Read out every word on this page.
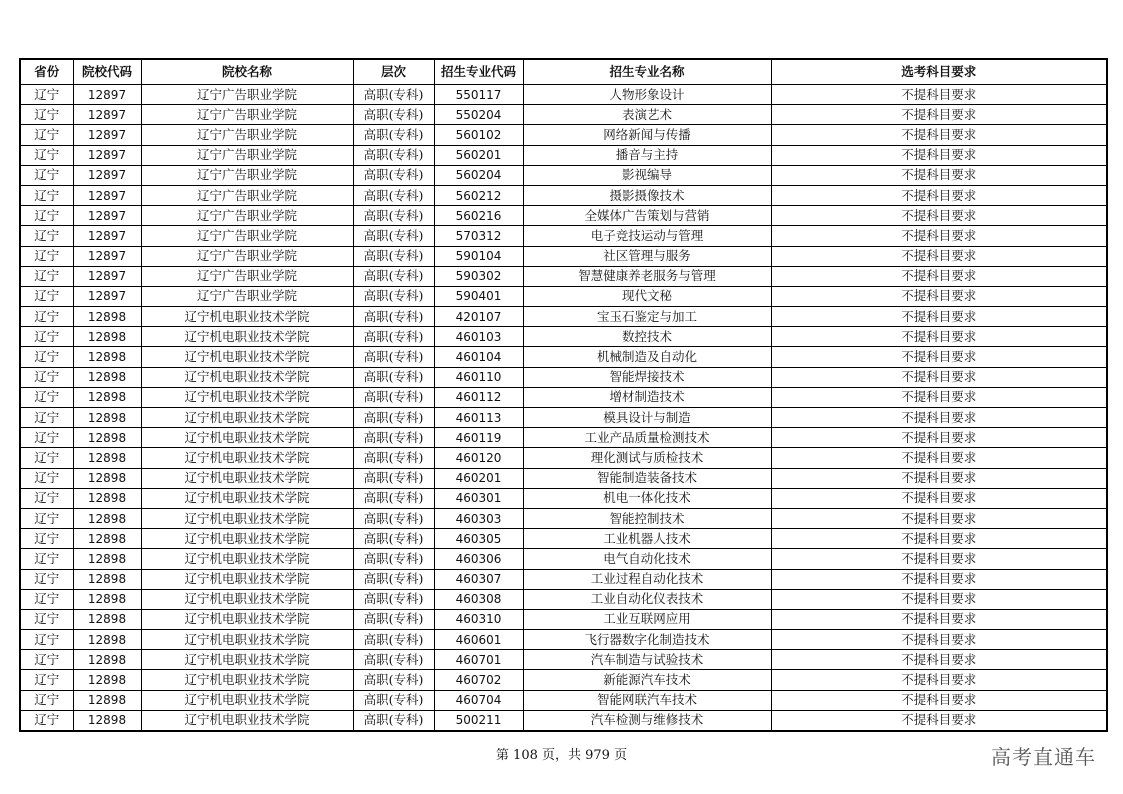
省份	院校代码	院校名称	层次	招生专业代码	招生专业名称	选考科目要求
辽宁	12897	辽宁广告职业学院	高职(专科)	550117	人物形象设计	不提科目要求
辽宁	12897	辽宁广告职业学院	高职(专科)	550204	表演艺术	不提科目要求
辽宁	12897	辽宁广告职业学院	高职(专科)	560102	网络新闻与传播	不提科目要求
辽宁	12897	辽宁广告职业学院	高职(专科)	560201	播音与主持	不提科目要求
辽宁	12897	辽宁广告职业学院	高职(专科)	560204	影视编导	不提科目要求
辽宁	12897	辽宁广告职业学院	高职(专科)	560212	摄影摄像技术	不提科目要求
辽宁	12897	辽宁广告职业学院	高职(专科)	560216	全媒体广告策划与营销	不提科目要求
辽宁	12897	辽宁广告职业学院	高职(专科)	570312	电子竞技运动与管理	不提科目要求
辽宁	12897	辽宁广告职业学院	高职(专科)	590104	社区管理与服务	不提科目要求
辽宁	12897	辽宁广告职业学院	高职(专科)	590302	智慧健康养老服务与管理	不提科目要求
辽宁	12897	辽宁广告职业学院	高职(专科)	590401	现代文秘	不提科目要求
辽宁	12898	辽宁机电职业技术学院	高职(专科)	420107	宝玉石鉴定与加工	不提科目要求
辽宁	12898	辽宁机电职业技术学院	高职(专科)	460103	数控技术	不提科目要求
辽宁	12898	辽宁机电职业技术学院	高职(专科)	460104	机械制造及自动化	不提科目要求
辽宁	12898	辽宁机电职业技术学院	高职(专科)	460110	智能焊接技术	不提科目要求
辽宁	12898	辽宁机电职业技术学院	高职(专科)	460112	增材制造技术	不提科目要求
辽宁	12898	辽宁机电职业技术学院	高职(专科)	460113	模具设计与制造	不提科目要求
辽宁	12898	辽宁机电职业技术学院	高职(专科)	460119	工业产品质量检测技术	不提科目要求
辽宁	12898	辽宁机电职业技术学院	高职(专科)	460120	理化测试与质检技术	不提科目要求
辽宁	12898	辽宁机电职业技术学院	高职(专科)	460201	智能制造装备技术	不提科目要求
辽宁	12898	辽宁机电职业技术学院	高职(专科)	460301	机电一体化技术	不提科目要求
辽宁	12898	辽宁机电职业技术学院	高职(专科)	460303	智能控制技术	不提科目要求
辽宁	12898	辽宁机电职业技术学院	高职(专科)	460305	工业机器人技术	不提科目要求
辽宁	12898	辽宁机电职业技术学院	高职(专科)	460306	电气自动化技术	不提科目要求
辽宁	12898	辽宁机电职业技术学院	高职(专科)	460307	工业过程自动化技术	不提科目要求
辽宁	12898	辽宁机电职业技术学院	高职(专科)	460308	工业自动化仪表技术	不提科目要求
辽宁	12898	辽宁机电职业技术学院	高职(专科)	460310	工业互联网应用	不提科目要求
辽宁	12898	辽宁机电职业技术学院	高职(专科)	460601	飞行器数字化制造技术	不提科目要求
辽宁	12898	辽宁机电职业技术学院	高职(专科)	460701	汽车制造与试验技术	不提科目要求
辽宁	12898	辽宁机电职业技术学院	高职(专科)	460702	新能源汽车技术	不提科目要求
辽宁	12898	辽宁机电职业技术学院	高职(专科)	460704	智能网联汽车技术	不提科目要求
辽宁	12898	辽宁机电职业技术学院	高职(专科)	500211	汽车检测与维修技术	不提科目要求
第 108 页，共 979 页	高考直通车
